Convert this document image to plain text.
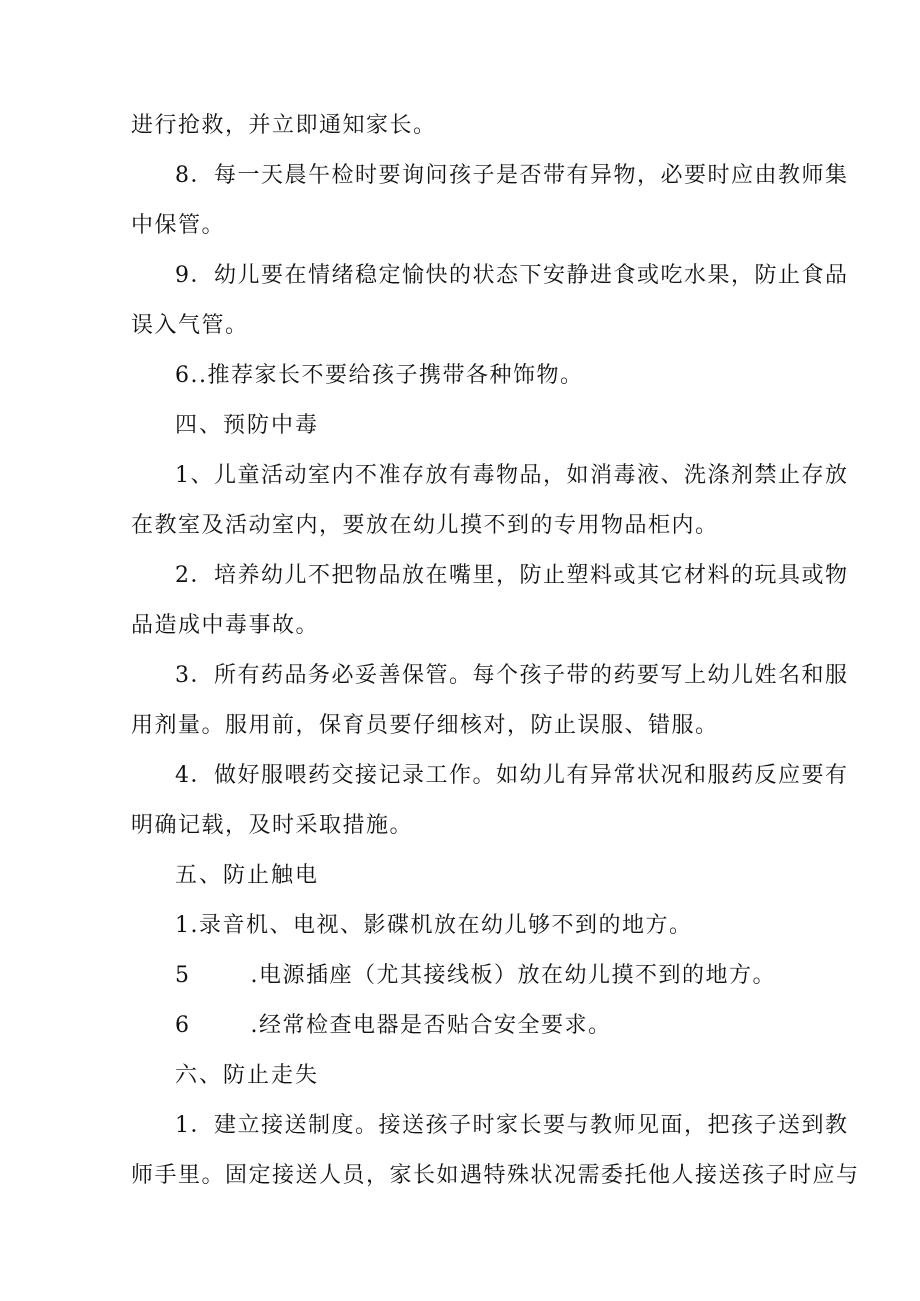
进行抢救，并立即通知家长。
8．每一天晨午检时要询问孩子是否带有异物，必要时应由教师集
中保管。
9．幼儿要在情绪稳定愉快的状态下安静进食或吃水果，防止食品
误入气管。
6..推荐家长不要给孩子携带各种饰物。
四、预防中毒
1、儿童活动室内不准存放有毒物品，如消毒液、洗涤剂禁止存放
在教室及活动室内，要放在幼儿摸不到的专用物品柜内。
2．培养幼儿不把物品放在嘴里，防止塑料或其它材料的玩具或物
品造成中毒事故。
3．所有药品务必妥善保管。每个孩子带的药要写上幼儿姓名和服
用剂量。服用前，保育员要仔细核对，防止误服、错服。
4．做好服喂药交接记录工作。如幼儿有异常状况和服药反应要有
明确记载，及时采取措施。
五、防止触电
1.录音机、电视、影碟机放在幼儿够不到的地方。
5	.电源插座（尤其接线板）放在幼儿摸不到的地方。
6	.经常检查电器是否贴合安全要求。
六、防止走失
1．建立接送制度。接送孩子时家长要与教师见面，把孩子送到教
师手里。固定接送人员，家长如遇特殊状况需委托他人接送孩子时应与
